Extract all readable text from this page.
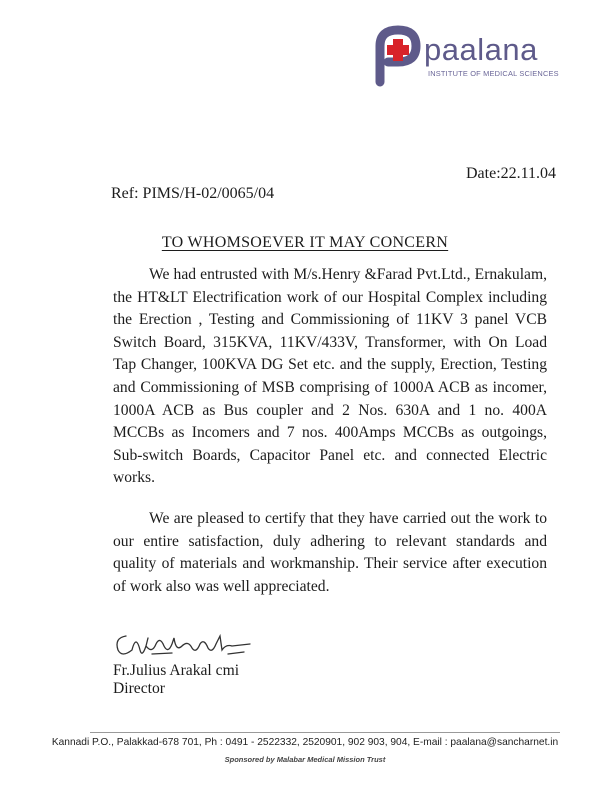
paalana
INSTITUTE OF MEDICAL SCIENCES
Date:22.11.04
Ref: PIMS/H-02/0065/04
TO WHOMSOEVER IT MAY CONCERN

We had entrusted with M/s.Henry &Farad Pvt.Ltd., Ernakulam, the HT&LT Electrification work of our Hospital Complex including the Erection , Testing and Commissioning of 11KV 3 panel VCB Switch Board, 315KVA, 11KV/433V, Transformer, with On Load Tap Changer, 100KVA DG Set etc. and the supply, Erection, Testing and Commissioning of MSB comprising of 1000A ACB as incomer, 1000A ACB as Bus coupler and 2 Nos. 630A and 1 no. 400A MCCBs as Incomers and 7 nos. 400Amps MCCBs as outgoings, Sub-switch Boards, Capacitor Panel etc. and connected Electric works.

We are pleased to certify that they have carried out the work to our entire satisfaction, duly adhering to relevant standards and quality of materials and workmanship. Their service after execution of work also was well appreciated.

Fr.Julius Arakal cmi
Director
Kannadi P.O., Palakkad-678 701, Ph : 0491 - 2522332, 2520901, 902 903, 904, E-mail : paalana@sancharnet.in
Sponsored by Malabar Medical Mission Trust
